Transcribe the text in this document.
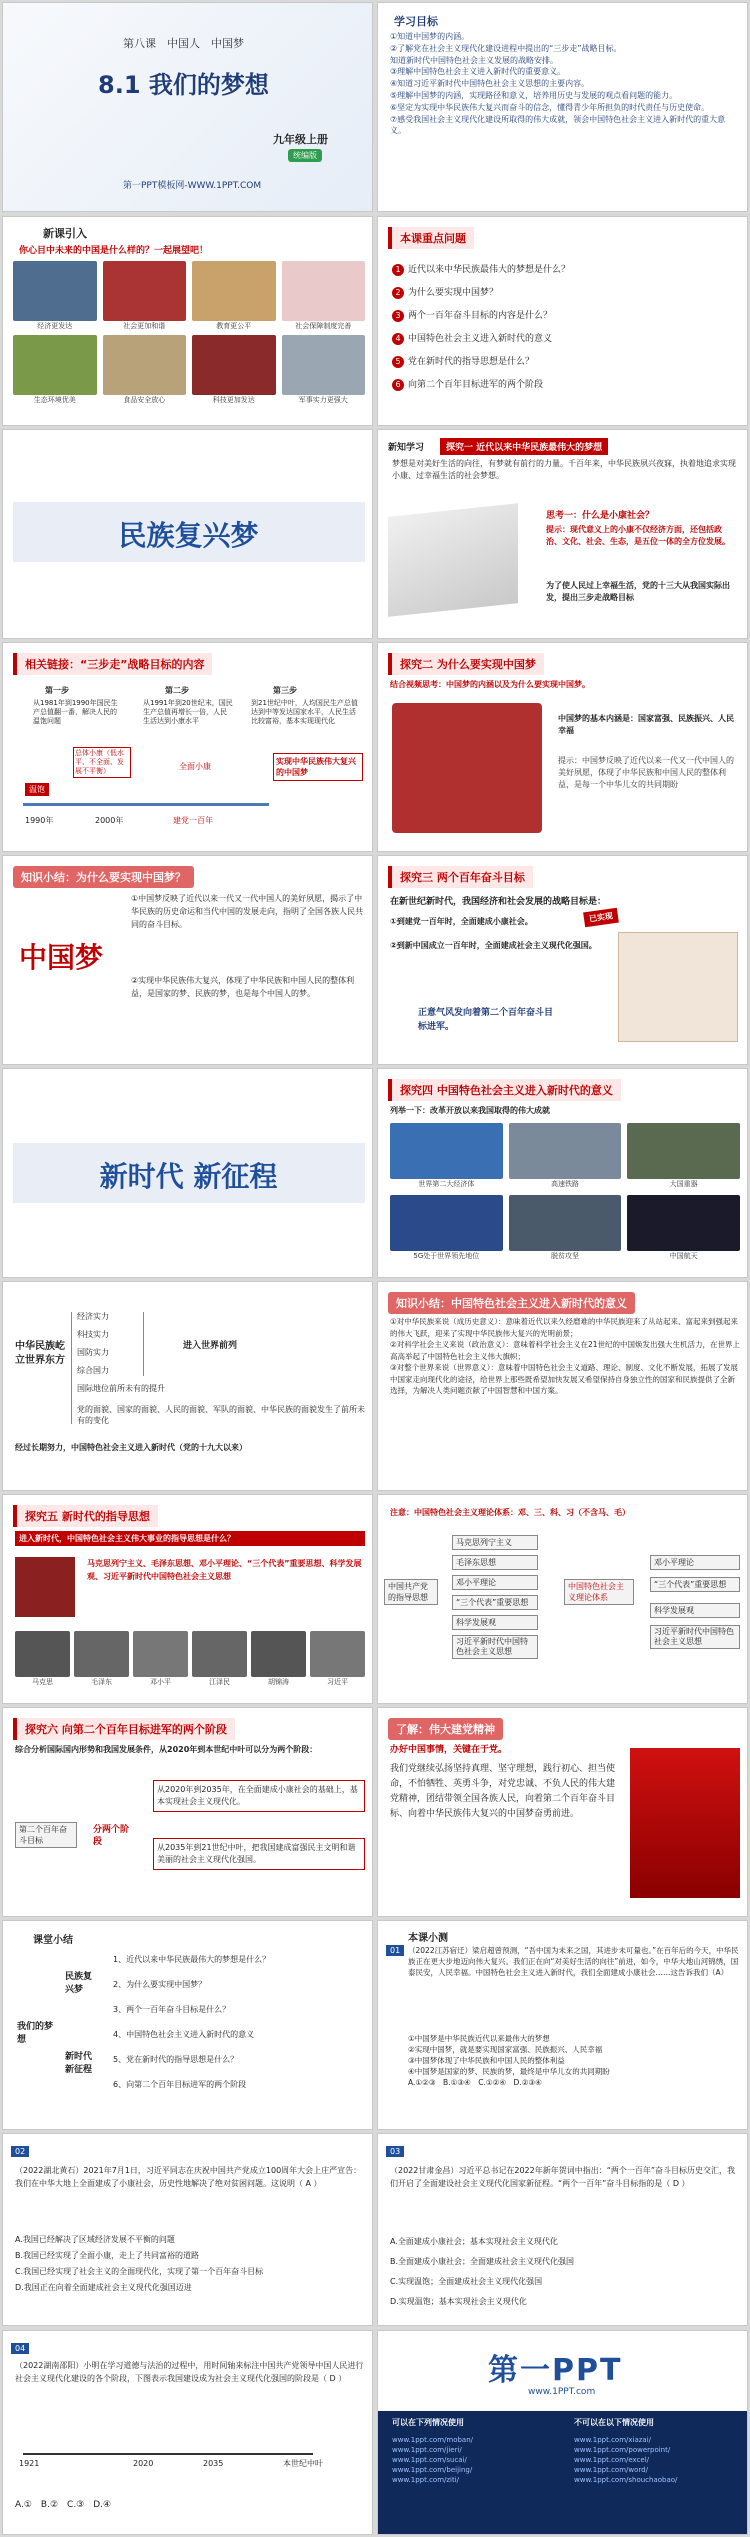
第八课　中国人　中国梦
8.1 我们的梦想
九年级上册
统编版
第一PPT模板网-WWW.1PPT.COM
学习目标
①知道中国梦的内涵。
②了解党在社会主义现代化建设进程中提出的“三步走”战略目标。
知道新时代中国特色社会主义发展的战略安排。
③理解中国特色社会主义进入新时代的重要意义。
④知道习近平新时代中国特色社会主义思想的主要内容。
⑤理解中国梦的内涵，实现路径和意义，培养用历史与发展的观点看问题的能力。
⑥坚定为实现中华民族伟大复兴而奋斗的信念，懂得青少年所担负的时代责任与历史使命。
⑦感受我国社会主义现代化建设所取得的伟大成就，领会中国特色社会主义进入新时代的重大意义。
新课引入
你心目中未来的中国是什么样的？一起展望吧！
经济更发达	社会更加和谐	教育更公平	社会保障制度完善
生态环境优美	食品安全放心	科技更加发达	军事实力更强大
本课重点问题
1 近代以来中华民族最伟大的梦想是什么？
2 为什么要实现中国梦？
3 两个一百年奋斗目标的内容是什么？
4 中国特色社会主义进入新时代的意义
5 党在新时代的指导思想是什么？
6 向第二个百年目标进军的两个阶段
民族复兴梦
新知学习	探究一 近代以来中华民族最伟大的梦想
梦想是对美好生活的向往，有梦就有前行的力量。千百年来，中华民族夙兴夜寐，执着地追求实现小康、过幸福生活的社会梦想。
思考一：什么是小康社会？
提示：现代意义上的小康不仅经济方面，还包括政治、文化、社会、生态，是五位一体的全方位发展。
为了使人民过上幸福生活，党的十三大从我国实际出发，提出三步走战略目标
相关链接：“三步走”战略目标的内容
第一步	第二步	第三步
从1981年到1990年国民生产总值翻一番，解决人民的温饱问题
从1991年到20世纪末，国民生产总值再增长一倍，人民生活达到小康水平
到21世纪中叶，人均国民生产总值达到中等发达国家水平，人民生活比较富裕，基本实现现代化
总体小康（低水平、不全面、发展不平衡）	全面小康
实现中华民族伟大复兴的中国梦
温饱
1990年	2000年	建党一百年
探究二 为什么要实现中国梦
结合视频思考：中国梦的内涵以及为什么要实现中国梦。
中国梦的基本内涵是：国家富强、民族振兴、人民幸福
提示：中国梦反映了近代以来一代又一代中国人的美好夙愿，体现了中华民族和中国人民的整体利益，是每一个中华儿女的共同期盼
知识小结：为什么要实现中国梦？
中国梦
①中国梦反映了近代以来一代又一代中国人的美好夙愿，揭示了中华民族的历史命运和当代中国的发展走向，指明了全国各族人民共同的奋斗目标。
②实现中华民族伟大复兴，体现了中华民族和中国人民的整体利益，是国家的梦、民族的梦，也是每个中国人的梦。
探究三 两个百年奋斗目标
在新世纪新时代，我国经济和社会发展的战略目标是：
①到建党一百年时，全面建成小康社会。	已实现
②到新中国成立一百年时，全面建成社会主义现代化强国。
正意气风发向着第二个百年奋斗目标进军。
新时代 新征程
探究四 中国特色社会主义进入新时代的意义
列举一下：改革开放以来我国取得的伟大成就
世界第二大经济体	高速铁路	大国重器
5G处于世界领先地位	脱贫攻坚	中国航天
中华民族屹立世界东方
经济实力
科技实力
国防实力
综合国力
国际地位前所未有的提升
进入世界前列
党的面貌、国家的面貌、人民的面貌、军队的面貌、中华民族的面貌发生了前所未有的变化
经过长期努力，中国特色社会主义进入新时代（党的十九大以来）
知识小结：中国特色社会主义进入新时代的意义
①对中华民族来说（成历史意义）：意味着近代以来久经磨难的中华民族迎来了从站起来、富起来到强起来的伟大飞跃，迎来了实现中华民族伟大复兴的光明前景；
②对科学社会主义来说（政治意义）：意味着科学社会主义在21世纪的中国焕发出强大生机活力，在世界上高高举起了中国特色社会主义伟大旗帜；
③对整个世界来说（世界意义）：意味着中国特色社会主义道路、理论、制度、文化不断发展，拓展了发展中国家走向现代化的途径，给世界上那些既希望加快发展又希望保持自身独立性的国家和民族提供了全新选择，为解决人类问题贡献了中国智慧和中国方案。
探究五 新时代的指导思想
进入新时代，中国特色社会主义伟大事业的指导思想是什么？
马克思列宁主义、毛泽东思想、邓小平理论、“三个代表”重要思想、科学发展观、习近平新时代中国特色社会主义思想
马克思	毛泽东	邓小平	江泽民	胡锦涛	习近平
注意：中国特色社会主义理论体系：邓、三、科、习（不含马、毛）
中国共产党的指导思想
马克思列宁主义
毛泽东思想
邓小平理论
“三个代表”重要思想
科学发展观
习近平新时代中国特色社会主义思想
中国特色社会主义理论体系
邓小平理论
“三个代表”重要思想
科学发展观
习近平新时代中国特色社会主义思想
探究六 向第二个百年目标进军的两个阶段
综合分析国际国内形势和我国发展条件，从2020年到本世纪中叶可以分为两个阶段：
第二个百年奋斗目标
分两个阶段
从2020年到2035年，在全面建成小康社会的基础上，基本实现社会主义现代化。
从2035年到21世纪中叶，把我国建成富强民主文明和谐美丽的社会主义现代化强国。
了解：伟大建党精神
办好中国事情，关键在于党。
我们党继续弘扬坚持真理、坚守理想，践行初心、担当使命，不怕牺牲、英勇斗争，对党忠诚、不负人民的伟大建党精神，团结带领全国各族人民，向着第二个百年奋斗目标、向着中华民族伟大复兴的中国梦奋勇前进。
课堂小结
我们的梦想
民族复兴梦
新时代新征程
1、近代以来中华民族最伟大的梦想是什么？
2、为什么要实现中国梦？
3、两个一百年奋斗目标是什么？
4、中国特色社会主义进入新时代的意义
5、党在新时代的指导思想是什么？
6、向第二个百年目标进军的两个阶段
本课小测
01	（2022江苏宿迁）梁启超曾预测，“吾中国为未来之国，其进步未可量也。”在百年后的今天，中华民族正在更大步地迈向伟大复兴。我们正在向“对美好生活的向往”前进，如今，中华大地山河锦绣，国泰民安，人民幸福。中国特色社会主义进入新时代，我们全面建成小康社会……这告诉我们（A）
①中国梦是中华民族近代以来最伟大的梦想
②实现中国梦，就是要实现国家富强、民族振兴、人民幸福
③中国梦体现了中华民族和中国人民的整体利益
④中国梦是国家的梦、民族的梦，最终是中华儿女的共同期盼
A.①②③　B.①③④　C.①②④　D.②③④
02
（2022湖北黄石）2021年7月1日，习近平同志在庆祝中国共产党成立100周年大会上庄严宣告：我们在中华大地上全面建成了小康社会，历史性地解决了绝对贫困问题。这说明（ A ）
A.我国已经解决了区域经济发展不平衡的问题
B.我国已经实现了全面小康，走上了共同富裕的道路
C.我国已经实现了社会主义的全面现代化，实现了第一个百年奋斗目标
D.我国正在向着全面建成社会主义现代化强国迈进
03
（2022甘肃金昌）习近平总书记在2022年新年贺词中指出：“两个一百年”奋斗目标历史交汇，我们开启了全面建设社会主义现代化国家新征程。“两个一百年”奋斗目标指的是（ D ）
A.全面建成小康社会；基本实现社会主义现代化
B.全面建成小康社会；全面建成社会主义现代化强国
C.实现温饱；全面建成社会主义现代化强国
D.实现温饱；基本实现社会主义现代化
04
（2022湖南邵阳）小明在学习道德与法治的过程中，用时间轴来标注中国共产党领导中国人民进行社会主义现代化建设的各个阶段，下图表示我国建设成为社会主义现代化强国的阶段是（ D ）
1921	2020	2035	本世纪中叶
A.①　B.②　C.③　D.④
第一PPT
www.1PPT.com
可以在下列情况使用	不可以在以下情况使用
www.1ppt.com/moban/
www.1ppt.com/jieri/
www.1ppt.com/sucai/
www.1ppt.com/beijing/
www.1ppt.com/ziti/
www.1ppt.com/xiazai/
www.1ppt.com/powerpoint/
www.1ppt.com/excel/
www.1ppt.com/word/
www.1ppt.com/shouchaobao/
